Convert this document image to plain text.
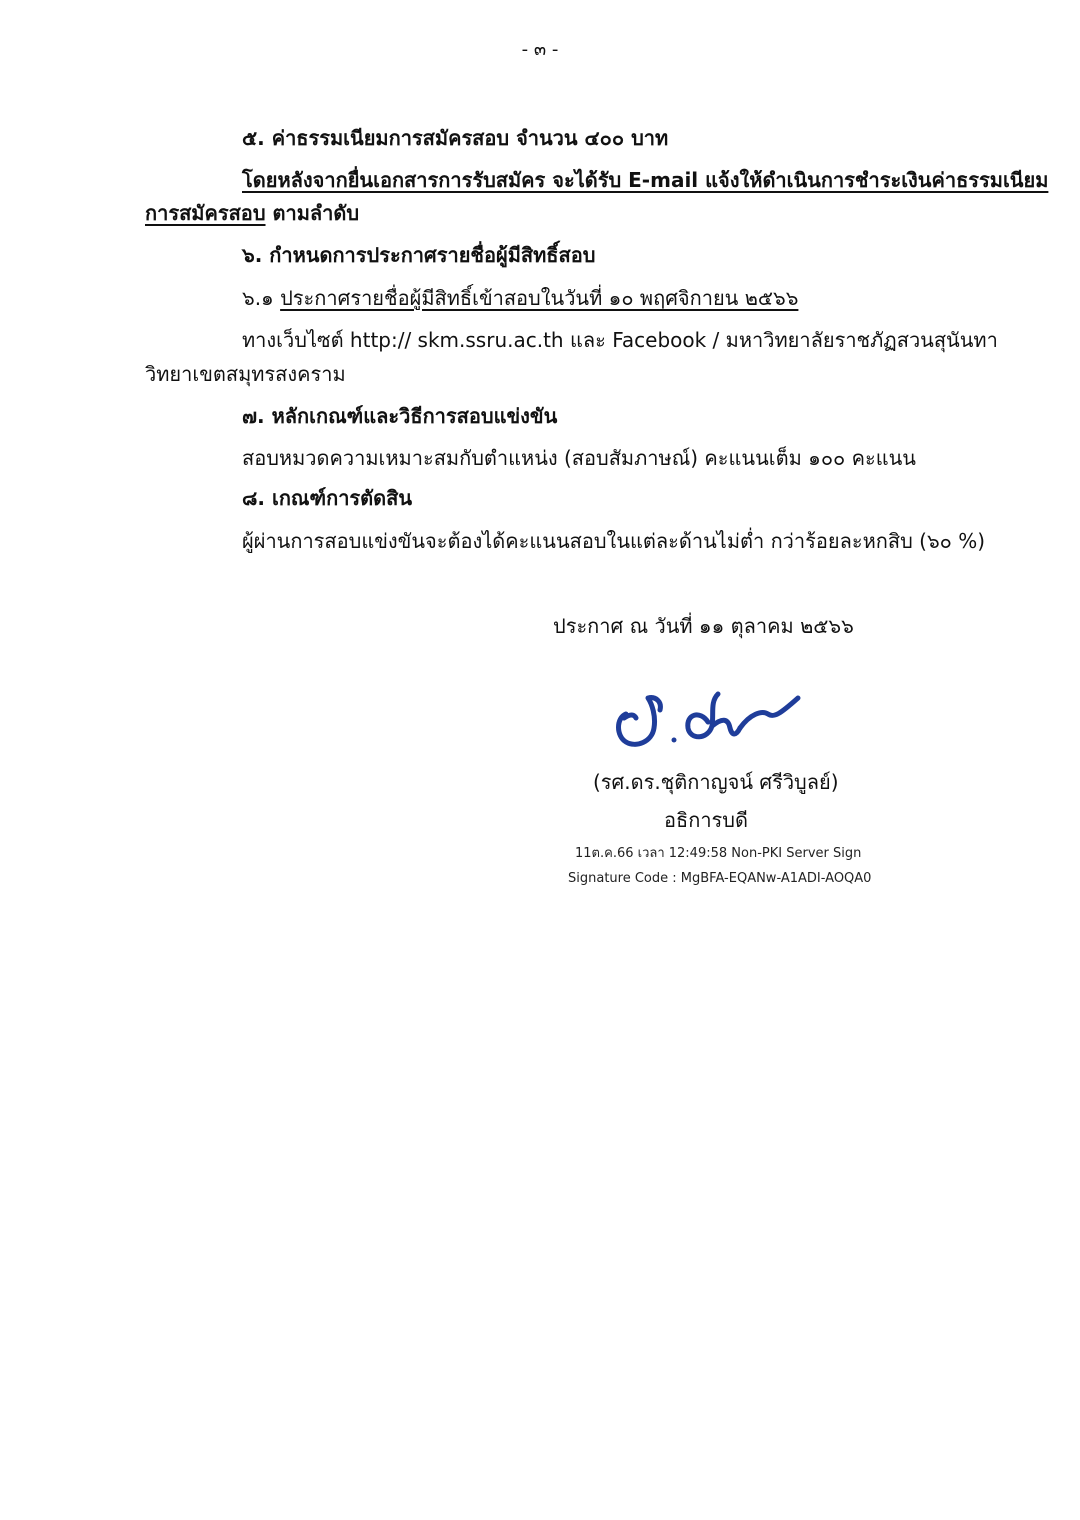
- ๓ -
๕. ค่าธรรมเนียมการสมัครสอบ จำนวน ๔๐๐ บาท
โดยหลังจากยื่นเอกสารการรับสมัคร จะได้รับ E-mail แจ้งให้ดำเนินการชำระเงินค่าธรรมเนียม
การสมัครสอบ ตามลำดับ
๖. กำหนดการประกาศรายชื่อผู้มีสิทธิ์สอบ
๖.๑ ประกาศรายชื่อผู้มีสิทธิ์เข้าสอบในวันที่ ๑๐ พฤศจิกายน ๒๕๖๖
ทางเว็บไซต์ http:// skm.ssru.ac.th และ Facebook / มหาวิทยาลัยราชภัฏสวนสุนันทา
วิทยาเขตสมุทรสงคราม
๗. หลักเกณฑ์และวิธีการสอบแข่งขัน
สอบหมวดความเหมาะสมกับตำแหน่ง (สอบสัมภาษณ์) คะแนนเต็ม ๑๐๐ คะแนน
๘. เกณฑ์การตัดสิน
ผู้ผ่านการสอบแข่งขันจะต้องได้คะแนนสอบในแต่ละด้านไม่ต่ำ กว่าร้อยละหกสิบ (๖๐ %)
ประกาศ ณ วันที่ ๑๑ ตุลาคม ๒๕๖๖
(รศ.ดร.ชุติกาญจน์ ศรีวิบูลย์)
อธิการบดี
11ต.ค.66 เวลา 12:49:58 Non-PKI Server Sign
Signature Code : MgBFA-EQANw-A1ADI-AOQA0
